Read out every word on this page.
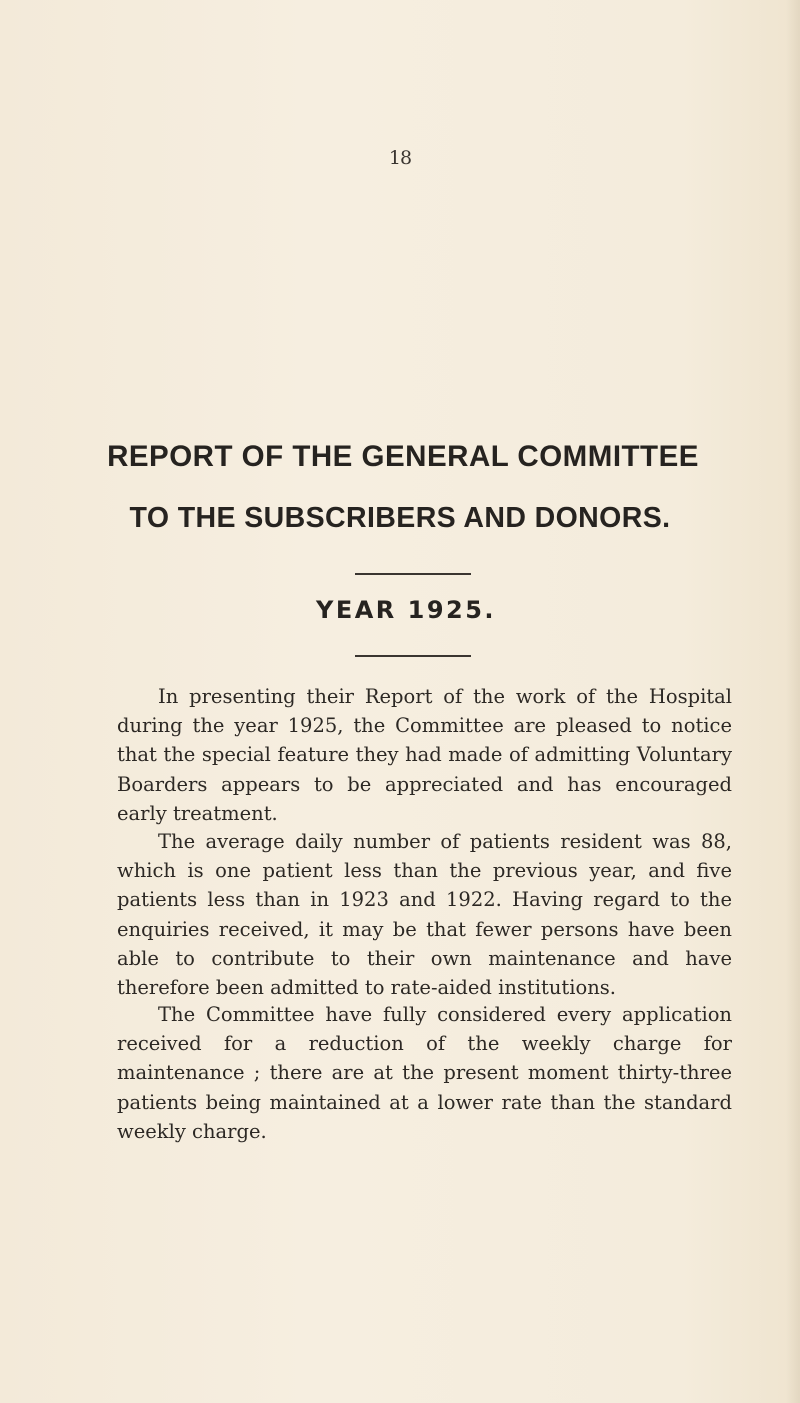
18
REPORT OF THE GENERAL COMMITTEE
TO THE SUBSCRIBERS AND DONORS.
YEAR 1925.

In presenting their Report of the work of the Hospital during the year 1925, the Committee are pleased to notice that the special feature they had made of admitting Voluntary Boarders appears to be appreciated and has encouraged early treatment.

The average daily number of patients resident was 88, which is one patient less than the previous year, and five patients less than in 1923 and 1922. Having regard to the enquiries received, it may be that fewer persons have been able to contribute to their own maintenance and have therefore been admitted to rate-aided institutions.

The Committee have fully considered every application received for a reduction of the weekly charge for maintenance ; there are at the present moment thirty-three patients being maintained at a lower rate than the standard weekly charge.
